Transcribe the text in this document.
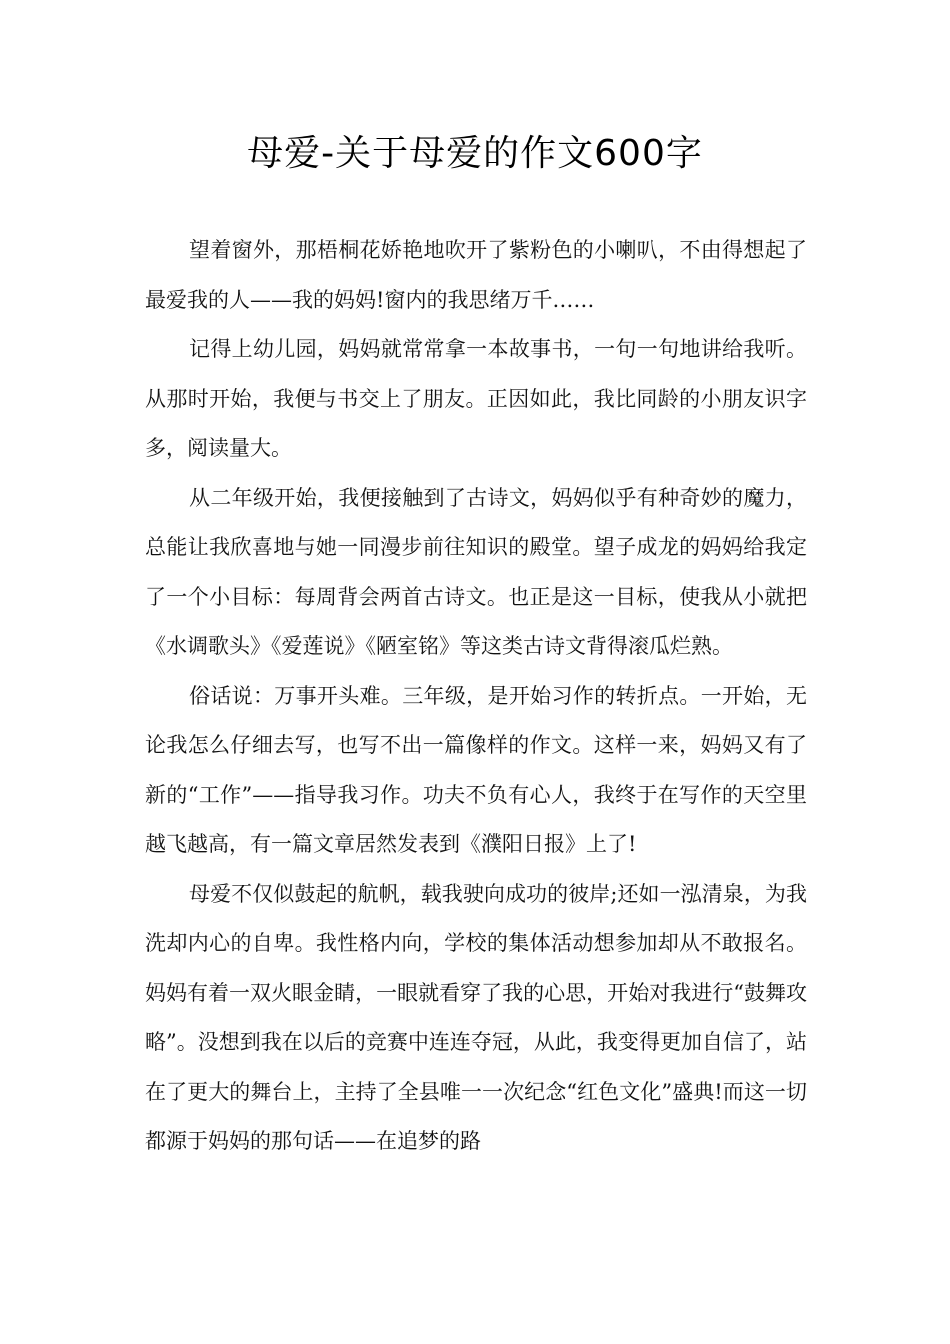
母爱-关于母爱的作文600字

望着窗外，那梧桐花娇艳地吹开了紫粉色的小喇叭，不由得想起了最爱我的人——我的妈妈!窗内的我思绪万千……

记得上幼儿园，妈妈就常常拿一本故事书，一句一句地讲给我听。从那时开始，我便与书交上了朋友。正因如此，我比同龄的小朋友识字多，阅读量大。

从二年级开始，我便接触到了古诗文，妈妈似乎有种奇妙的魔力，总能让我欣喜地与她一同漫步前往知识的殿堂。望子成龙的妈妈给我定了一个小目标：每周背会两首古诗文。也正是这一目标，使我从小就把《水调歌头》《爱莲说》《陋室铭》等这类古诗文背得滚瓜烂熟。

俗话说：万事开头难。三年级，是开始习作的转折点。一开始，无论我怎么仔细去写，也写不出一篇像样的作文。这样一来，妈妈又有了新的“工作”——指导我习作。功夫不负有心人，我终于在写作的天空里越飞越高，有一篇文章居然发表到《濮阳日报》上了!

母爱不仅似鼓起的航帆，载我驶向成功的彼岸;还如一泓清泉，为我洗却内心的自卑。我性格内向，学校的集体活动想参加却从不敢报名。妈妈有着一双火眼金睛，一眼就看穿了我的心思，开始对我进行“鼓舞攻略”。没想到我在以后的竞赛中连连夺冠，从此，我变得更加自信了，站在了更大的舞台上，主持了全县唯一一次纪念“红色文化”盛典!而这一切都源于妈妈的那句话——在追梦的路
